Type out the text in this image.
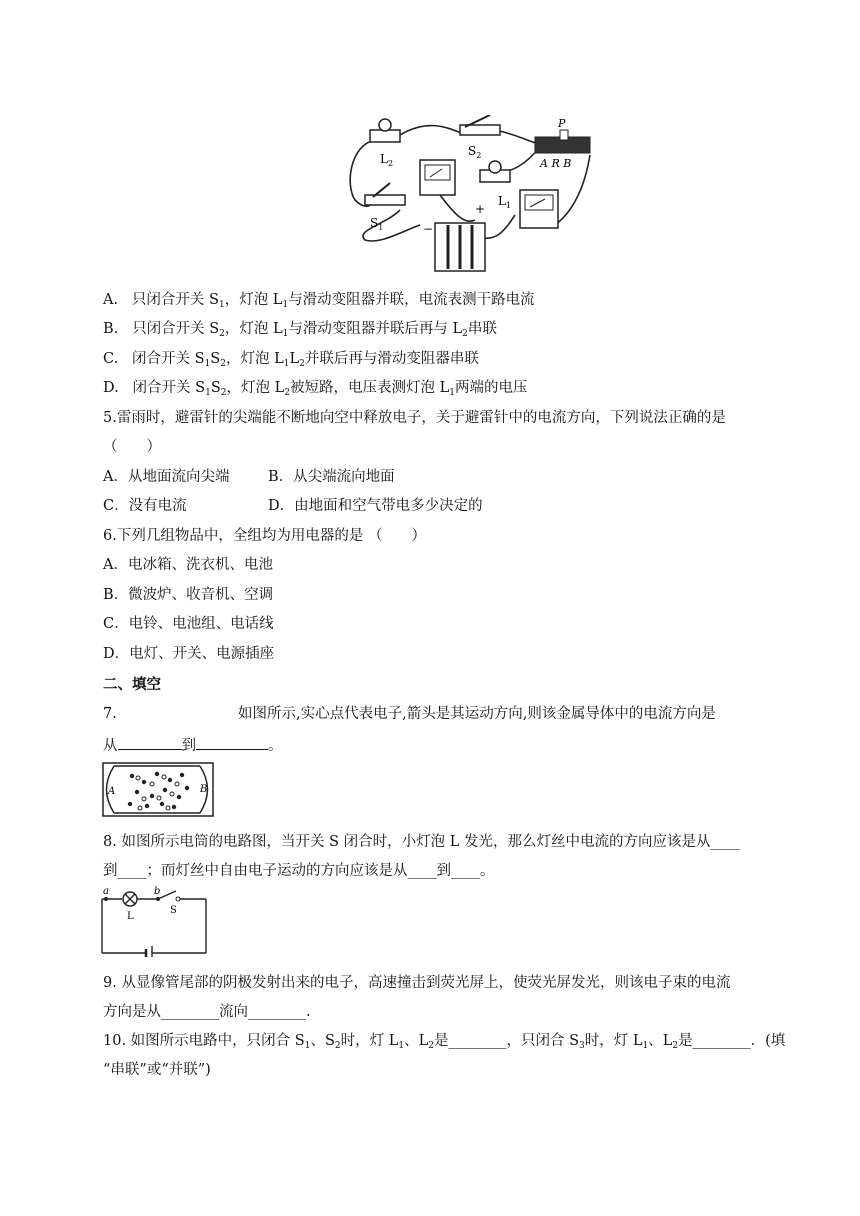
$L_2$
$S_2$
P
A R B
$L_1$
$S_1$	−
+
A. 只闭合开关 $S_1$，灯泡 $L_1$与滑动变阻器并联，电流表测干路电流
B. 只闭合开关 $S_2$，灯泡 $L_1$与滑动变阻器并联后再与 $L_2$串联
C. 闭合开关 $S_1S_2$，灯泡 $L_1L_2$并联后再与滑动变阻器串联
D. 闭合开关 $S_1S_2$，灯泡 $L_2$被短路，电压表测灯泡 $L_1$两端的电压
5.雷雨时，避雷针的尖端能不断地向空中释放电子，关于避雷针中的电流方向，下列说法正确的是
（　　）
A．从地面流向尖端	B．从尖端流向地面
C．没有电流	D．由地面和空气带电多少决定的
6.下列几组物品中，全组均为用电器的是 （　　）
A．电冰箱、洗衣机、电池
B．微波炉、收音机、空调
C．电铃、电池组、电话线
D．电灯、开关、电源插座
二、填空
7.	如图所示,实心点代表电子,箭头是其运动方向,则该金属导体中的电流方向是
从	到	。
A	B
8. 如图所示电筒的电路图，当开关 S 闭合时，小灯泡 L 发光，那么灯丝中电流的方向应该是从____
到____；而灯丝中自由电子运动的方向应该是从____到____。
a	b
L
S
9. 从显像管尾部的阴极发射出来的电子，高速撞击到荧光屏上，使荧光屏发光，则该电子束的电流
方向是从________流向________.
10. 如图所示电路中，只闭合 $S_1$、$S_2$时，灯 $L_1$、$L_2$是________，只闭合 $S_3$时，灯 $L_1$、$L_2$是________．(填
“串联”或“并联”)
